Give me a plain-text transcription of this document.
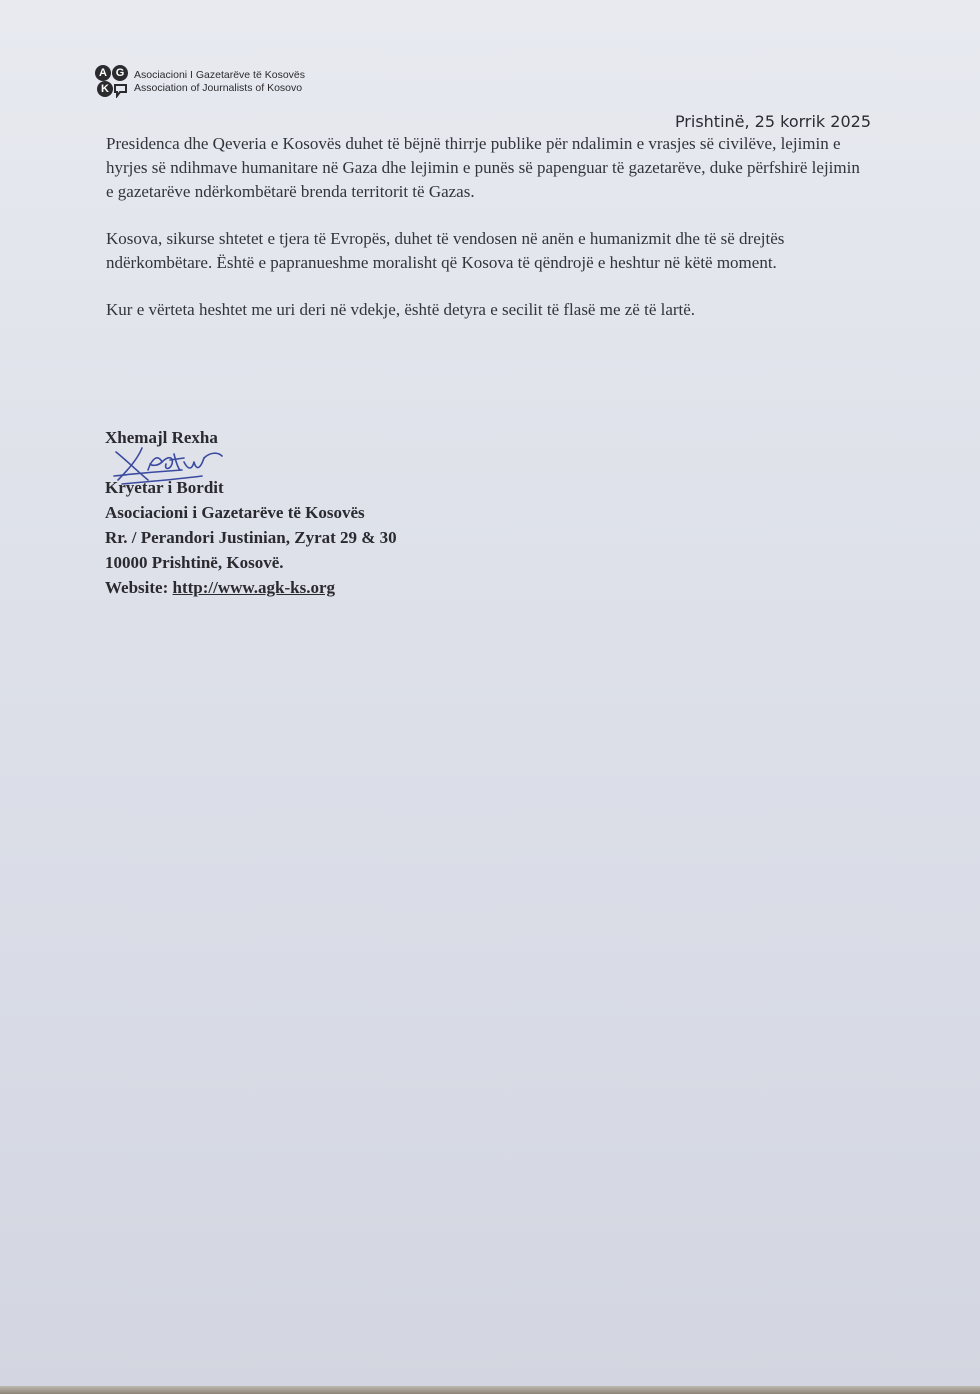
A G
K
Asociacioni I Gazetarëve të Kosovës
Association of Journalists of Kosovo
Prishtinë, 25 korrik 2025

Presidenca dhe Qeveria e Kosovës duhet të bëjnë thirrje publike për ndalimin e vrasjes së civilëve, lejimin e hyrjes së ndihmave humanitare në Gaza dhe lejimin e punës së papenguar të gazetarëve, duke përfshirë lejimin e gazetarëve ndërkombëtarë brenda territorit të Gazas.

Kosova, sikurse shtetet e tjera të Evropës, duhet të vendosen në anën e humanizmit dhe të së drejtës ndërkombëtare. Është e papranueshme moralisht që Kosova të qëndrojë e heshtur në këtë moment.

Kur e vërteta heshtet me uri deri në vdekje, është detyra e secilit të flasë me zë të lartë.

Xhemajl Rexha
Kryetar i Bordit
Asociacioni i Gazetarëve të Kosovës
Rr. / Perandori Justinian, Zyrat 29 & 30
10000 Prishtinë, Kosovë.
Website: http://www.agk-ks.org
